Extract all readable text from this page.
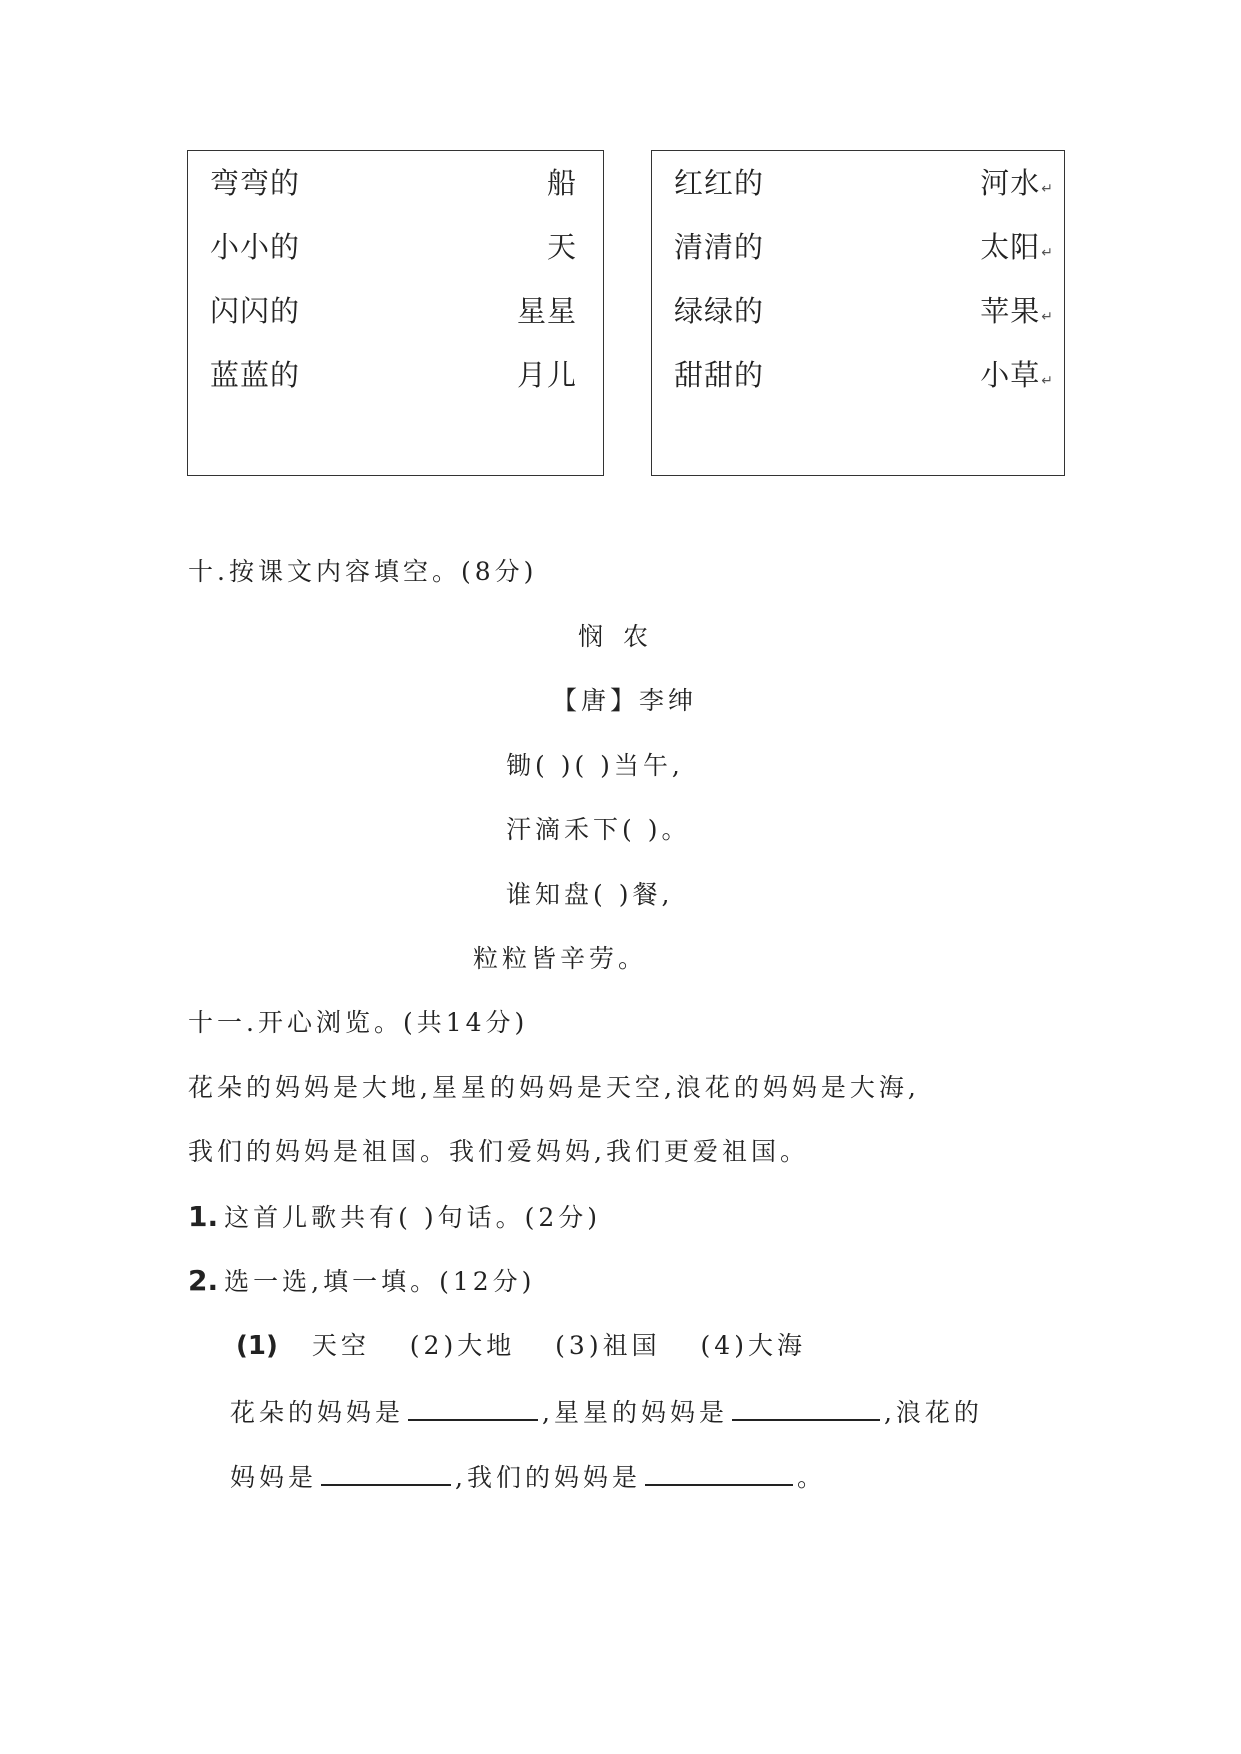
弯弯的	船
小小的	天
闪闪的	星星
蓝蓝的	月儿
红红的	河水↵
清清的	太阳↵
绿绿的	苹果↵
甜甜的	小草↵
十.按课文内容填空。(8分)
悯 农
【唐】李绅
锄( )( )当午,
汗滴禾下( )。
谁知盘( )餐,
粒粒皆辛劳。
十一.开心浏览。(共14分)
花朵的妈妈是大地,星星的妈妈是天空,浪花的妈妈是大海,
我们的妈妈是祖国。我们爱妈妈,我们更爱祖国。
1. 这首儿歌共有( )句话。(2分)
2. 选一选,填一填。(12分)
(1) 天空 (2)大地 (3)祖国 (4)大海
花朵的妈妈是	,星星的妈妈是	,浪花的
妈妈是	,我们的妈妈是	。
